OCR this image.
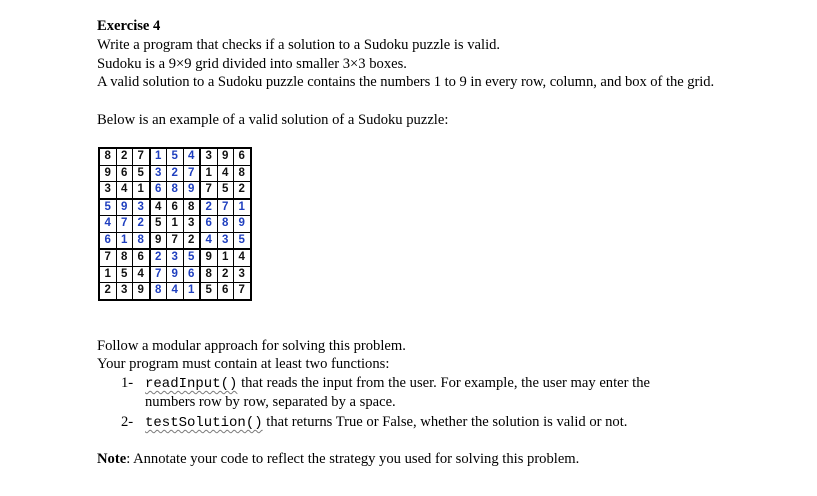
Exercise 4
Write a program that checks if a solution to a Sudoku puzzle is valid.
Sudoku is a 9×9 grid divided into smaller 3×3 boxes.
A valid solution to a Sudoku puzzle contains the numbers 1 to 9 in every row, column, and box of the grid.
Below is an example of a valid solution of a Sudoku puzzle:
8	2	7	1	5	4	3	9	6
9	6	5	3	2	7	1	4	8
3	4	1	6	8	9	7	5	2
5	9	3	4	6	8	2	7	1
4	7	2	5	1	3	6	8	9
6	1	8	9	7	2	4	3	5
7	8	6	2	3	5	9	1	4
1	5	4	7	9	6	8	2	3
2	3	9	8	4	1	5	6	7
Follow a modular approach for solving this problem.
Your program must contain at least two functions:
1- readInput() that reads the input from the user. For example, the user may enter the
numbers row by row, separated by a space.
2- testSolution() that returns True or False, whether the solution is valid or not.
Note: Annotate your code to reflect the strategy you used for solving this problem.
